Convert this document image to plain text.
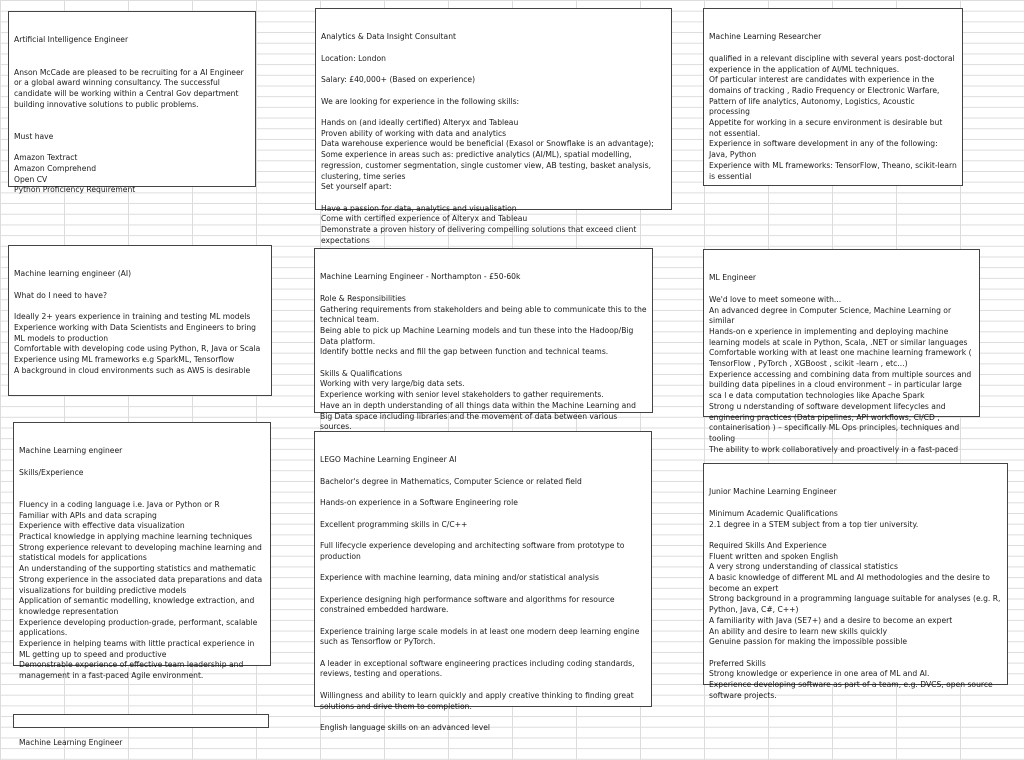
Artificial Intelligence Engineer

Anson McCade are pleased to be recruiting for a AI Engineer or a global award winning consultancy. The successful candidate will be working within a Central Gov department building innovative solutions to public problems.

Must have

Amazon Textract
Amazon Comprehend
Open CV
Python Proficiency Requirement

Analytics & Data Insight Consultant

Location: London

Salary: £40,000+ (Based on experience)

We are looking for experience in the following skills:

Hands on (and ideally certified) Alteryx and Tableau
Proven ability of working with data and analytics
Data warehouse experience would be beneficial (Exasol or Snowflake is an advantage);
Some experience in areas such as: predictive analytics (AI/ML), spatial modelling, regression, customer segmentation, single customer view, AB testing, basket analysis, clustering, time series
Set yourself apart:

Have a passion for data, analytics and visualisation
Come with certified experience of Alteryx and Tableau
Demonstrate a proven history of delivering compelling solutions that exceed client expectations

Machine Learning Researcher

qualified in a relevant discipline with several years post-doctoral experience in the application of AI/ML techniques.
Of particular interest are candidates with experience in the domains of tracking , Radio Frequency or Electronic Warfare, Pattern of life analytics, Autonomy, Logistics, Acoustic processing
Appetite for working in a secure environment is desirable but not essential.
Experience in software development in any of the following: Java, Python
Experience with ML frameworks: TensorFlow, Theano, scikit-learn is essential

Machine learning engineer (AI)

What do I need to have?

Ideally 2+ years experience in training and testing ML models
Experience working with Data Scientists and Engineers to bring ML models to production
Comfortable with developing code using Python, R, Java or Scala
Experience using ML frameworks e.g SparkML, Tensorflow
A background in cloud environments such as AWS is desirable

Machine Learning Engineer - Northampton - £50-60k

Role & Responsibilities
Gathering requirements from stakeholders and being able to communicate this to the technical team.
Being able to pick up Machine Learning models and tun these into the Hadoop/Big Data platform.
Identify bottle necks and fill the gap between function and technical teams.

Skills & Qualifications
Working with very large/big data sets.
Experience working with senior level stakeholders to gather requirements.
Have an in depth understanding of all things data within the Machine Learning and Big Data space including libraries and the movement of data between various sources.

ML Engineer

We'd love to meet someone with...
An advanced degree in Computer Science, Machine Learning or similar
Hands-on e xperience in implementing and deploying machine learning models at scale in Python, Scala, .NET or similar languages
Comfortable working with at least one machine learning framework ( TensorFlow , PyTorch , XGBoost , scikit -learn , etc...)
Experience accessing and combining data from multiple sources and building data pipelines in a cloud environment – in particular large sca l e data computation technologies like Apache Spark
Strong u nderstanding of software development lifecycles and engineering practices (Data pipelines, API workflows, CI/CD , containerisation ) – specifically ML Ops principles, techniques and tooling
The ability to work collaboratively and proactively in a fast-paced

Machine Learning engineer

Skills/Experience

Fluency in a coding language i.e. Java or Python or R
Familiar with APIs and data scraping
Experience with effective data visualization
Practical knowledge in applying machine learning techniques
Strong experience relevant to developing machine learning and statistical models for applications
An understanding of the supporting statistics and mathematic
Strong experience in the associated data preparations and data visualizations for building predictive models
Application of semantic modelling, knowledge extraction, and knowledge representation
Experience developing production-grade, performant, scalable applications.
Experience in helping teams with little practical experience in ML getting up to speed and productive
Demonstrable experience of effective team leadership and management in a fast-paced Agile environment.

LEGO Machine Learning Engineer AI

Bachelor's degree in Mathematics, Computer Science or related field

Hands-on experience in a Software Engineering role

Excellent programming skills in C/C++

Full lifecycle experience developing and architecting software from prototype to production

Experience with machine learning, data mining and/or statistical analysis

Experience designing high performance software and algorithms for resource constrained embedded hardware.

Experience training large scale models in at least one modern deep learning engine such as Tensorflow or PyTorch.

A leader in exceptional software engineering practices including coding standards, reviews, testing and operations.

Willingness and ability to learn quickly and apply creative thinking to finding great solutions and drive them to completion.

English language skills on an advanced level

Junior Machine Learning Engineer

Minimum Academic Qualifications
2.1 degree in a STEM subject from a top tier university.

Required Skills And Experience
Fluent written and spoken English
A very strong understanding of classical statistics
A basic knowledge of different ML and AI methodologies and the desire to become an expert
Strong background in a programming language suitable for analyses (e.g. R, Python, Java, C#, C++)
A familiarity with Java (SE7+) and a desire to become an expert
An ability and desire to learn new skills quickly
Genuine passion for making the impossible possible

Preferred Skills
Strong knowledge or experience in one area of ML and AI.
Experience developing software as part of a team, e.g. DVCS, open source software projects.

Machine Learning Engineer
